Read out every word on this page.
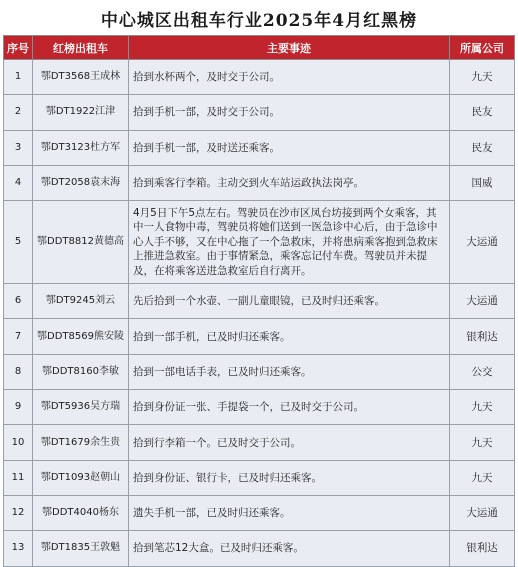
中心城区出租车行业2025年4月红黑榜
序号	红榜出租车	主要事迹	所属公司
1	鄂DT3568王成林	拾到水杯两个，及时交于公司。	九天
2	鄂DT1922江津	拾到手机一部，及时交于公司。	民友
3	鄂DT3123杜方军	拾到手机一部，及时送还乘客。	民友
4	鄂DT2058袁末海	拾到乘客行李箱。主动交到火车站运政执法岗亭。	国威
5	鄂DDT8812黄德高	4月5日下午5点左右。驾驶员在沙市区凤台坊接到两个女乘客，其中一人食物中毒，驾驶员将她们送到一医急诊中心后，由于急诊中心人手不够，又在中心拖了一个急救床，并将患病乘客抱到急救床上推进急救室。由于事情紧急，乘客忘记付车费。驾驶员并未提及，在将乘客送进急救室后自行离开。	大运通
6	鄂DT9245刘云	先后拾到一个水壶、一副儿童眼镜，已及时归还乘客。	大运通
7	鄂DDT8569熊安陵	拾到一部手机，已及时归还乘客。	银利达
8	鄂DDT8160李敏	拾到一部电话手表，已及时归还乘客。	公交
9	鄂DT5936吴方瑞	拾到身份证一张、手提袋一个，已及时交于公司。	九天
10	鄂DT1679余生贵	拾到行李箱一个。已及时交于公司。	九天
11	鄂DT1093赵朝山	拾到身份证、银行卡，已及时归还乘客。	九天
12	鄂DDT4040杨东	遗失手机一部，已及时归还乘客。	大运通
13	鄂DT1835王敦魁	拾到笔芯12大盒。已及时归还乘客。	银利达
